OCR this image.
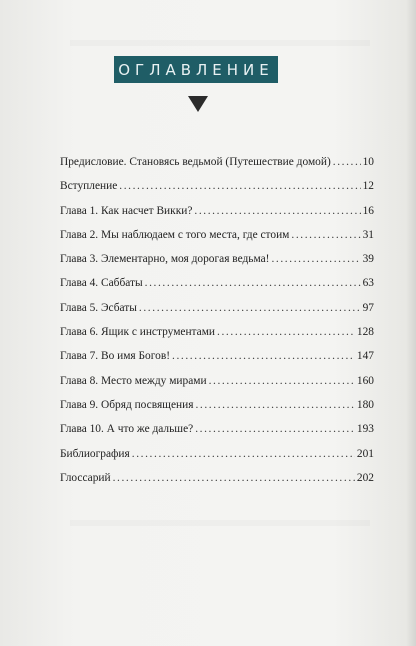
ОГЛАВЛЕНИЕ
Предисловие. Становясь ведьмой (Путешествие домой) .....	10
Вступление .....	12
Глава 1. Как насчет Викки? .....	16
Глава 2. Мы наблюдаем с того места, где стоим .....	31
Глава 3. Элементарно, моя дорогая ведьма! .....	39
Глава 4. Саббаты .....	63
Глава 5. Эсбаты .....	97
Глава 6. Ящик с инструментами .....	128
Глава 7. Во имя Богов! .....	147
Глава 8. Место между мирами .....	160
Глава 9. Обряд посвящения .....	180
Глава 10. А что же дальше? .....	193
Библиография .....	201
Глоссарий .....	202
